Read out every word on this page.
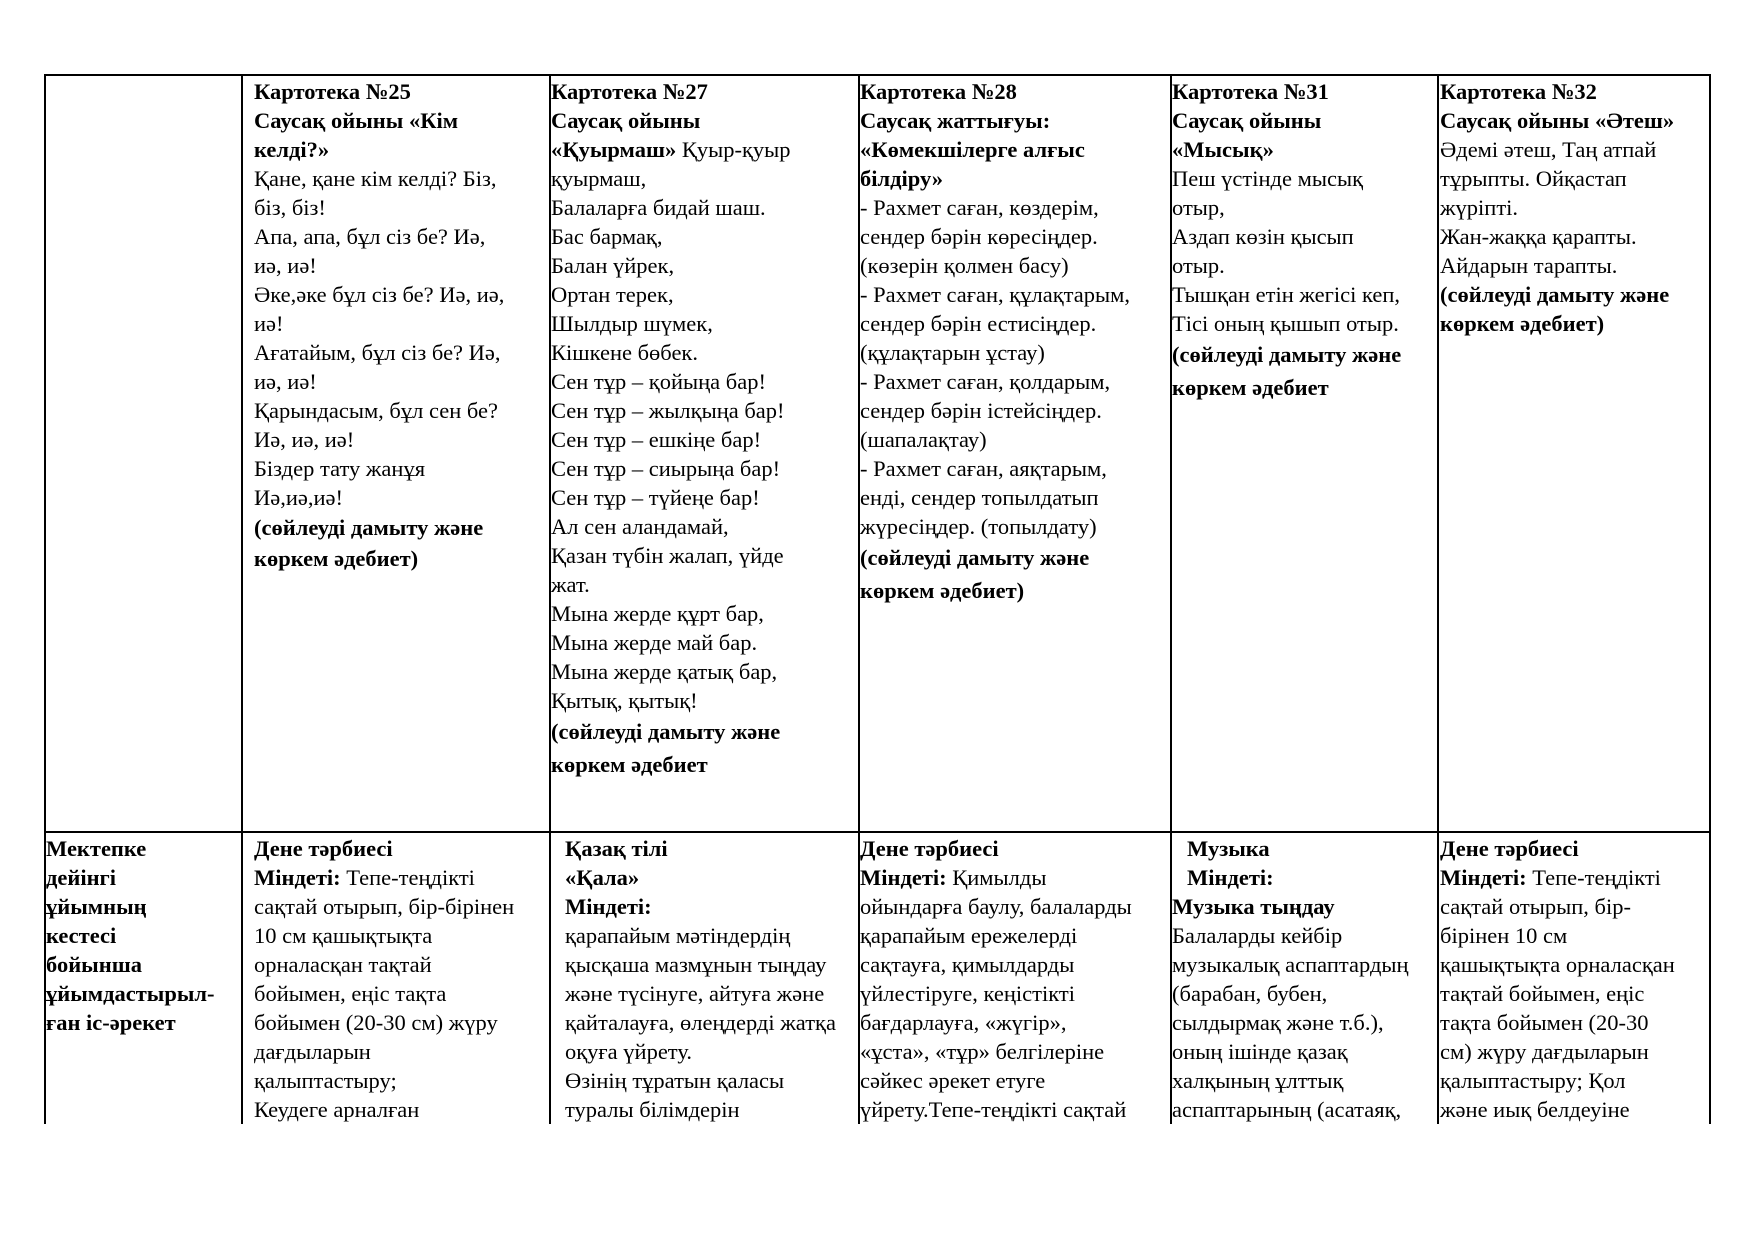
Картотека №25
Саусақ ойыны «Кім
келді?»
Қане, қане кім келді? Біз,
біз, біз!
Апа, апа, бұл сіз бе? Иә,
иә, иә!
Әке,әке бұл сіз бе? Иә, иә,
иә!
Ағатайым, бұл сіз бе? Иә,
иә, иә!
Қарындасым, бұл сен бе?
Иә, иә, иә!
Біздер тату жанұя
Иә,иә,иә!
(сөйлеуді дамыту және
көркем әдебиет)
Картотека №27
Саусақ ойыны
«Қуырмаш» Қуыр-қуыр
қуырмаш,
Балаларға бидай шаш.
Бас бармақ,
Балан үйрек,
Ортан терек,
Шылдыр шүмек,
Кішкене бөбек.
Сен тұр – қойыңа бар!
Сен тұр – жылқыңа бар!
Сен тұр – ешкіңе бар!
Сен тұр – сиырыңа бар!
Сен тұр – түйеңе бар!
Ал сен аландамай,
Қазан түбін жалап, үйде
жат.
Мына жерде құрт бар,
Мына жерде май бар.
Мына жерде қатық бар,
Қытық, қытық!
(сөйлеуді дамыту және
көркем әдебиет
Картотека №28
Саусақ жаттығуы:
«Көмекшілерге алғыс
білдіру»
- Рахмет саған, көздерім,
сендер бәрін көресіңдер.
(көзерін қолмен басу)
- Рахмет саған, құлақтарым,
сендер бәрін естисіңдер.
(құлақтарын ұстау)
- Рахмет саған, қолдарым,
сендер бәрін істейсіңдер.
(шапалақтау)
- Рахмет саған, аяқтарым,
енді, сендер топылдатып
жүресіңдер. (топылдату)
(сөйлеуді дамыту және
көркем әдебиет)
Картотека №31
Саусақ ойыны
«Мысық»
Пеш үстінде мысық
отыр,
Аздап көзін қысып
отыр.
Тышқан етін жегісі кеп,
Тісі оның қышып отыр.
(сөйлеуді дамыту және
көркем әдебиет
Картотека №32
Саусақ ойыны «Әтеш»
Әдемі әтеш, Таң атпай
тұрыпты. Ойқастап
жүріпті.
Жан-жаққа қарапты.
Айдарын тарапты.
(сөйлеуді дамыту және
көркем әдебиет)
Мектепке
дейінгі
ұйымның
кестесі
бойынша
ұйымдастырыл-
ған іс-әрекет
Дене тәрбиесі
Міндеті: Тепе-теңдікті
сақтай отырып, бір-бірінен
10 см қашықтықта
орналасқан тақтай
бойымен, еңіс тақта
бойымен (20-30 см) жүру
дағдыларын
қалыптастыру;
Кеудеге арналған
Қазақ тілі
«Қала»
Міндеті:
қарапайым мәтіндердің
қысқаша мазмұнын тыңдау
және түсінуге, айтуға және
қайталауға, өлеңдерді жатқа
оқуға үйрету.
Өзінің тұратын қаласы
туралы білімдерін
Дене тәрбиесі
Міндеті: Қимылды
ойындарға баулу, балаларды
қарапайым ережелерді
сақтауға, қимылдарды
үйлестіруге, кеңістікті
бағдарлауға, «жүгір»,
«ұста», «тұр» белгілеріне
сәйкес әрекет етуге
үйрету.Тепе-теңдікті сақтай
Музыка
Міндеті:
Музыка тыңдау
Балаларды кейбір
музыкалық аспаптардың
(барабан, бубен,
сылдырмақ және т.б.),
оның ішінде қазақ
халқының ұлттық
аспаптарының (асатаяқ,
Дене тәрбиесі
Міндеті: Тепе-теңдікті
сақтай отырып, бір-
бірінен 10 см
қашықтықта орналасқан
тақтай бойымен, еңіс
тақта бойымен (20-30
см) жүру дағдыларын
қалыптастыру; Қол
және иық белдеуіне
